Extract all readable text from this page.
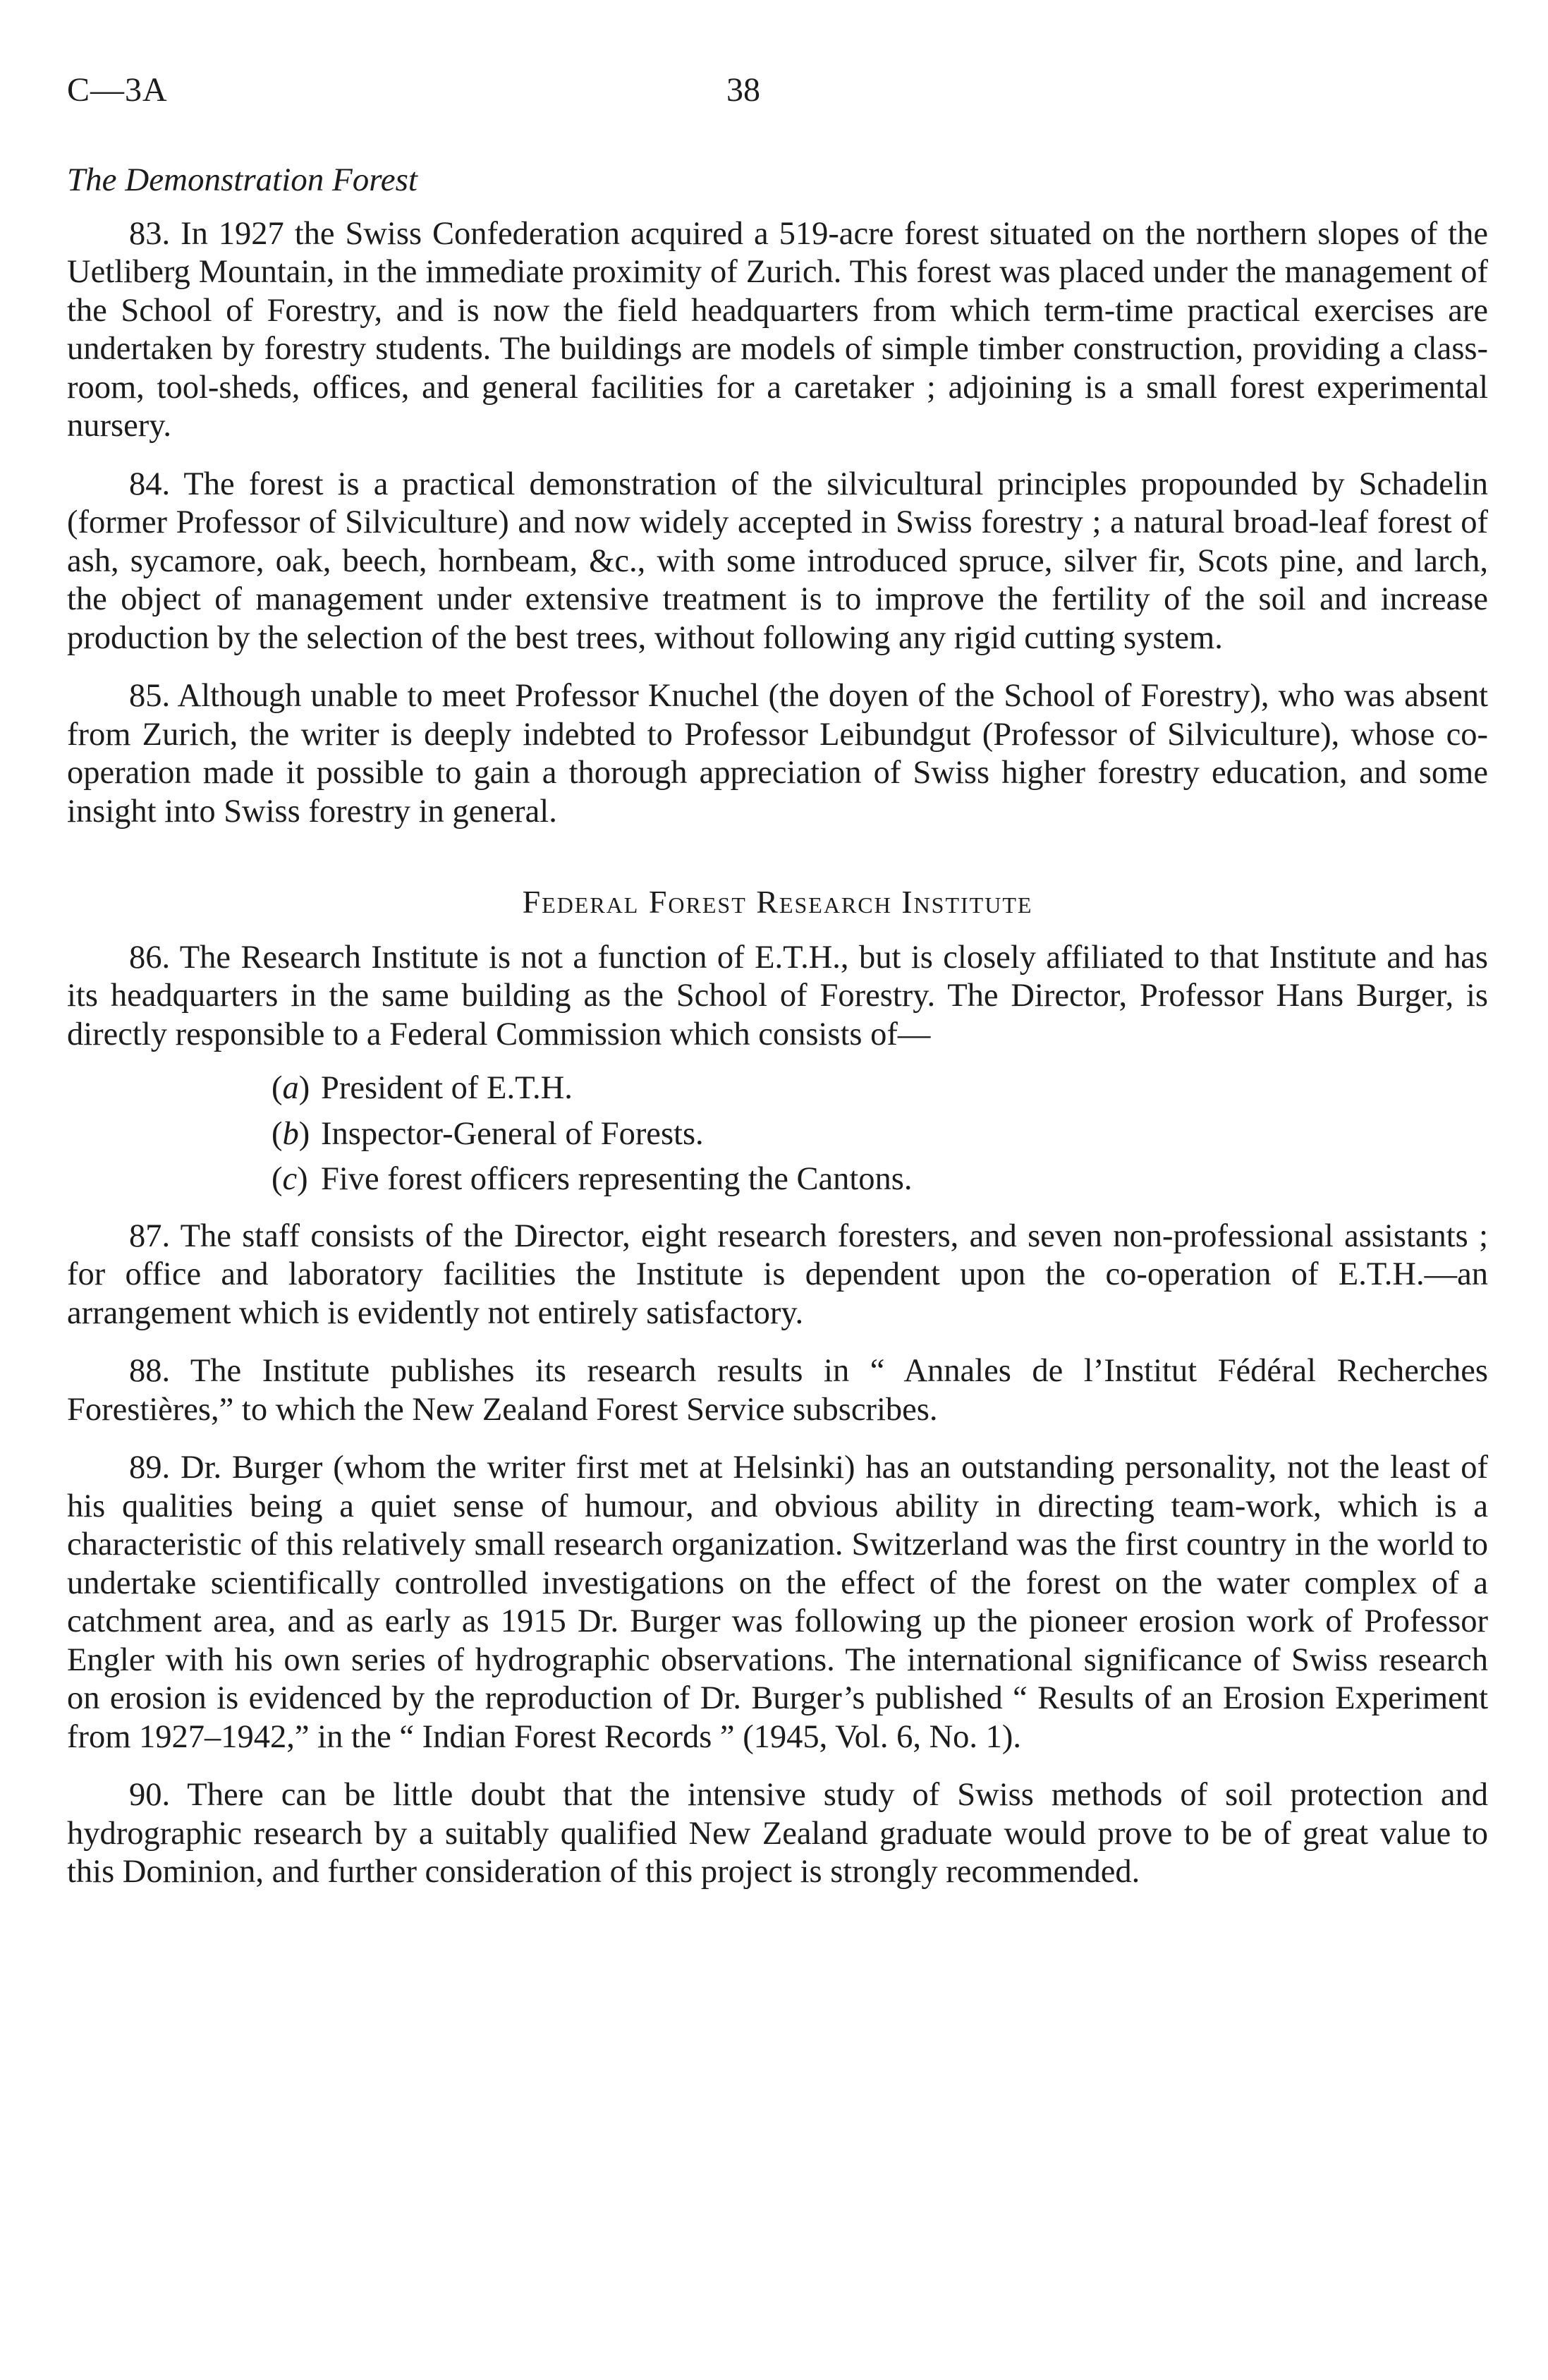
C—3A	38
The Demonstration Forest

83. In 1927 the Swiss Confederation acquired a 519-acre forest situated on the northern slopes of the Uetliberg Mountain, in the immediate proximity of Zurich. This forest was placed under the management of the School of Forestry, and is now the field headquarters from which term-time practical exercises are undertaken by forestry students. The buildings are models of simple timber construction, providing a class-room, tool-sheds, offices, and general facilities for a caretaker ; adjoining is a small forest experimental nursery.

84. The forest is a practical demonstration of the silvicultural principles propounded by Schadelin (former Professor of Silviculture) and now widely accepted in Swiss forestry ; a natural broad-leaf forest of ash, sycamore, oak, beech, hornbeam, &c., with some introduced spruce, silver fir, Scots pine, and larch, the object of management under extensive treatment is to improve the fertility of the soil and increase production by the selection of the best trees, without following any rigid cutting system.

85. Although unable to meet Professor Knuchel (the doyen of the School of Forestry), who was absent from Zurich, the writer is deeply indebted to Professor Leibundgut (Professor of Silviculture), whose co-operation made it possible to gain a thorough appreciation of Swiss higher forestry education, and some insight into Swiss forestry in general.

Federal Forest Research Institute

86. The Research Institute is not a function of E.T.H., but is closely affiliated to that Institute and has its headquarters in the same building as the School of Forestry. The Director, Professor Hans Burger, is directly responsible to a Federal Commission which consists of—

(a) President of E.T.H.
(b) Inspector-General of Forests.
(c) Five forest officers representing the Cantons.

87. The staff consists of the Director, eight research foresters, and seven non-professional assistants ; for office and laboratory facilities the Institute is dependent upon the co-operation of E.T.H.—an arrangement which is evidently not entirely satisfactory.

88. The Institute publishes its research results in “ Annales de l’Institut Fédéral Recherches Forestières,” to which the New Zealand Forest Service subscribes.

89. Dr. Burger (whom the writer first met at Helsinki) has an outstanding personality, not the least of his qualities being a quiet sense of humour, and obvious ability in directing team-work, which is a characteristic of this relatively small research organization. Switzerland was the first country in the world to undertake scientifically controlled investigations on the effect of the forest on the water complex of a catchment area, and as early as 1915 Dr. Burger was following up the pioneer erosion work of Professor Engler with his own series of hydrographic observations. The international significance of Swiss research on erosion is evidenced by the reproduction of Dr. Burger’s published “ Results of an Erosion Experiment from 1927–1942,” in the “ Indian Forest Records ” (1945, Vol. 6, No. 1).

90. There can be little doubt that the intensive study of Swiss methods of soil protection and hydrographic research by a suitably qualified New Zealand graduate would prove to be of great value to this Dominion, and further consideration of this project is strongly recommended.
